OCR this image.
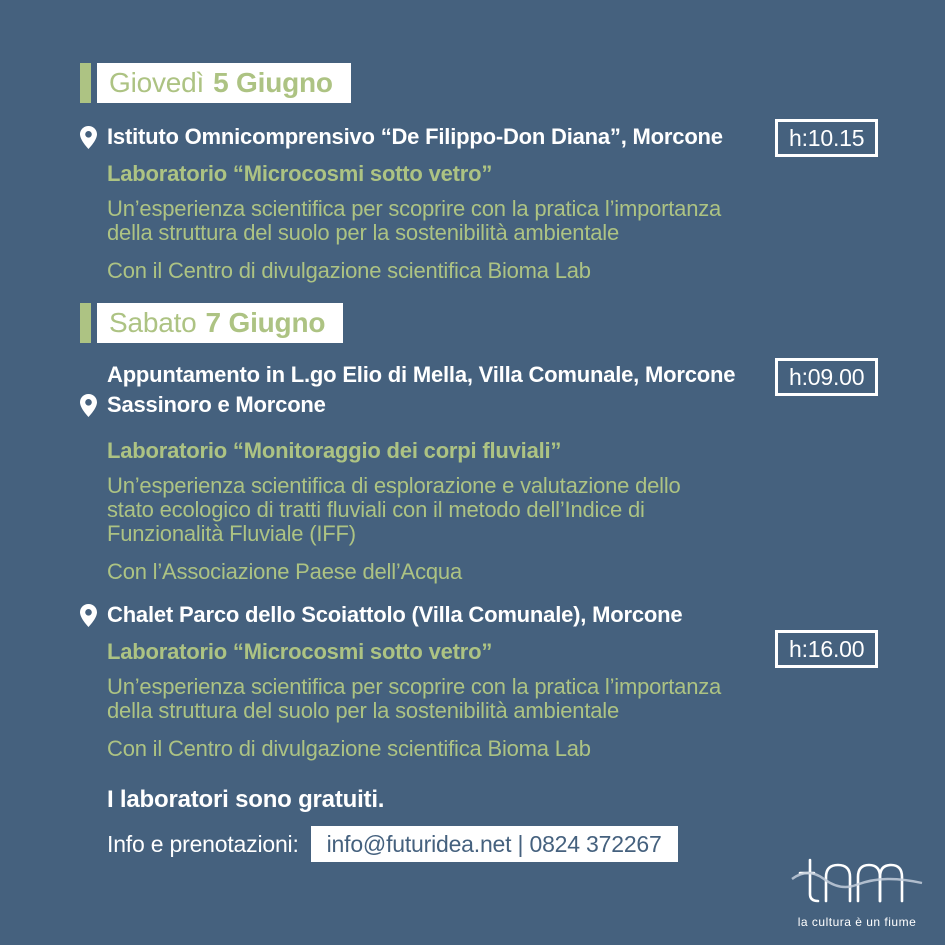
Giovedì 5 Giugno
Istituto Omnicomprensivo “De Filippo-Don Diana”, Morcone
Laboratorio “Microcosmi sotto vetro”
Un’esperienza scientifica per scoprire con la pratica l’importanza
della struttura del suolo per la sostenibilità ambientale
Con il Centro di divulgazione scientifica Bioma Lab
h:10.15
Sabato 7 Giugno
Appuntamento in L.go Elio di Mella, Villa Comunale, Morcone
Sassinoro e Morcone
Laboratorio “Monitoraggio dei corpi fluviali”
Un’esperienza scientifica di esplorazione e valutazione dello
stato ecologico di tratti fluviali con il metodo dell’Indice di
Funzionalità Fluviale (IFF)
Con l’Associazione Paese dell’Acqua
h:09.00
Chalet Parco dello Scoiattolo (Villa Comunale), Morcone
Laboratorio “Microcosmi sotto vetro”
Un’esperienza scientifica per scoprire con la pratica l’importanza
della struttura del suolo per la sostenibilità ambientale
Con il Centro di divulgazione scientifica Bioma Lab
h:16.00
I laboratori sono gratuiti.
Info e prenotazioni:	info@futuridea.net | 0824 372267
la cultura è un fiume
